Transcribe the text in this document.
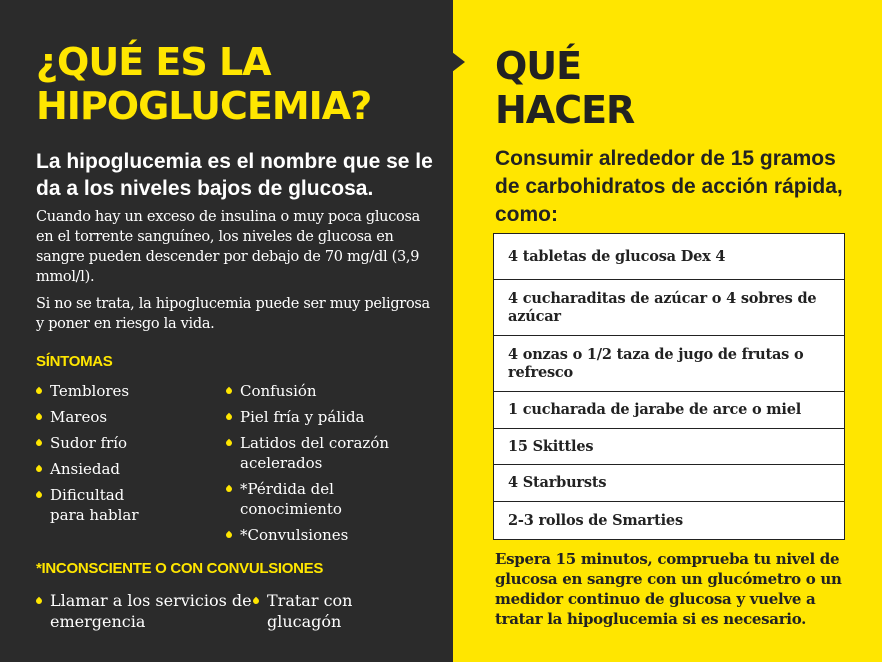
¿QUÉ ES LA
HIPOGLUCEMIA?

La hipoglucemia es el nombre que se le da a los niveles bajos de glucosa.

Cuando hay un exceso de insulina o muy poca glucosa en el torrente sanguíneo, los niveles de glucosa en sangre pueden descender por debajo de 70 mg/dl (3,9 mmol/l).

Si no se trata, la hipoglucemia puede ser muy peligrosa y poner en riesgo la vida.

SÍNTOMAS
Temblores
Mareos
Sudor frío
Ansiedad
Dificultad para hablar
Confusión
Piel fría y pálida
Latidos del corazón acelerados
*Pérdida del conocimiento
*Convulsiones
*INCONSCIENTE O CON CONVULSIONES
Llamar a los servicios de emergencia
Tratar con glucagón
QUÉ
HACER

Consumir alrededor de 15 gramos de carbohidratos de acción rápida, como:

4 tabletas de glucosa Dex 4
4 cucharaditas de azúcar o 4 sobres de azúcar
4 onzas o 1/2 taza de jugo de frutas o refresco
1 cucharada de jarabe de arce o miel
15 Skittles
4 Starbursts
2-3 rollos de Smarties

Espera 15 minutos, comprueba tu nivel de glucosa en sangre con un glucómetro o un medidor continuo de glucosa y vuelve a tratar la hipoglucemia si es necesario.
